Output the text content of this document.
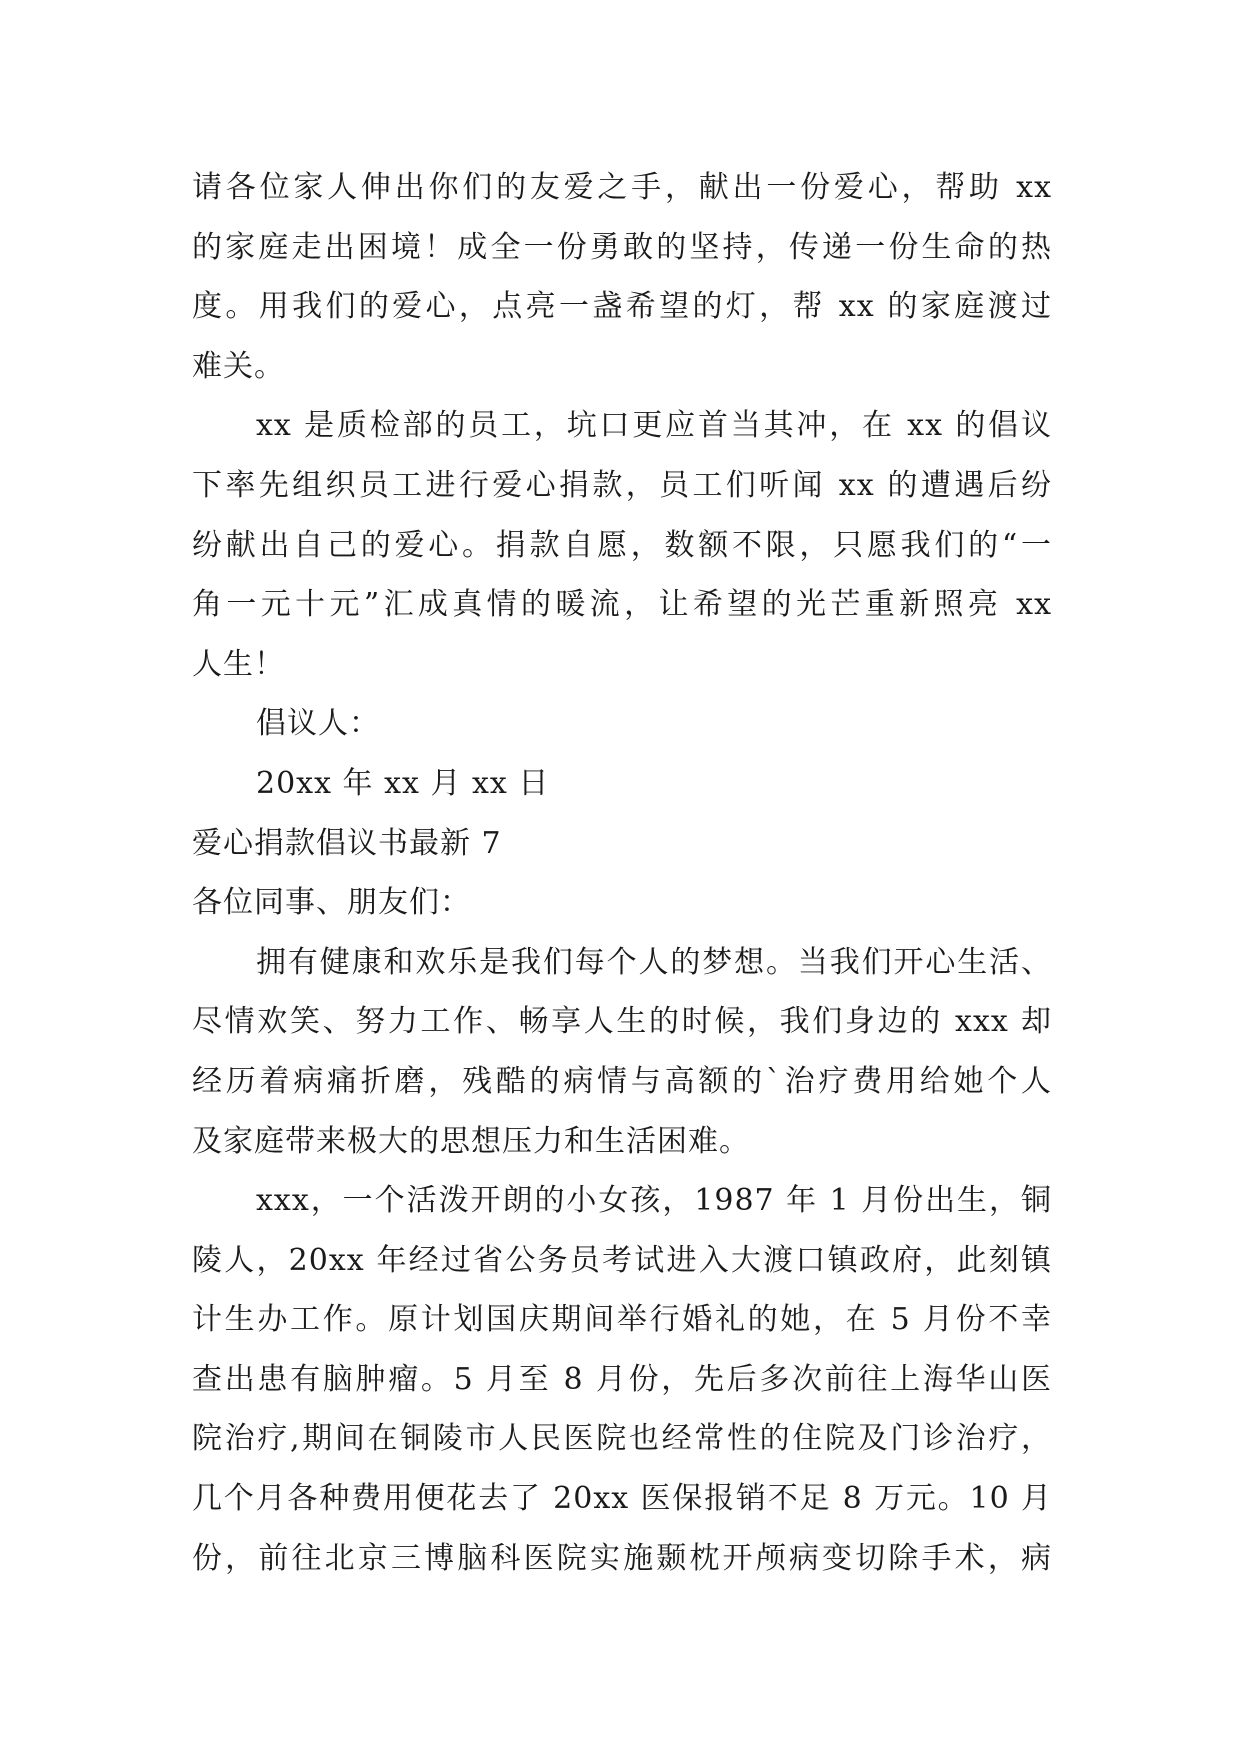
请各位家人伸出你们的友爱之手，献出一份爱心，帮助 xx
的家庭走出困境！成全一份勇敢的坚持，传递一份生命的热
度。用我们的爱心，点亮一盏希望的灯，帮 xx 的家庭渡过
难关。
xx 是质检部的员工，坑口更应首当其冲，在 xx 的倡议
下率先组织员工进行爱心捐款，员工们听闻 xx 的遭遇后纷
纷献出自己的爱心。捐款自愿，数额不限，只愿我们的“一
角一元十元”汇成真情的暖流，让希望的光芒重新照亮 xx
人生！
倡议人：
20xx 年 xx 月 xx 日
爱心捐款倡议书最新 7
各位同事、朋友们：
拥有健康和欢乐是我们每个人的梦想。当我们开心生活、
尽情欢笑、努力工作、畅享人生的时候，我们身边的 xxx 却
经历着病痛折磨，残酷的病情与高额的`治疗费用给她个人
及家庭带来极大的思想压力和生活困难。
xxx，一个活泼开朗的小女孩，1987 年 1 月份出生，铜
陵人，20xx 年经过省公务员考试进入大渡口镇政府，此刻镇
计生办工作。原计划国庆期间举行婚礼的她，在 5 月份不幸
查出患有脑肿瘤。5 月至 8 月份，先后多次前往上海华山医
院治疗,期间在铜陵市人民医院也经常性的住院及门诊治疗，
几个月各种费用便花去了 20xx 医保报销不足 8 万元。10 月
份，前往北京三博脑科医院实施颞枕开颅病变切除手术，病
